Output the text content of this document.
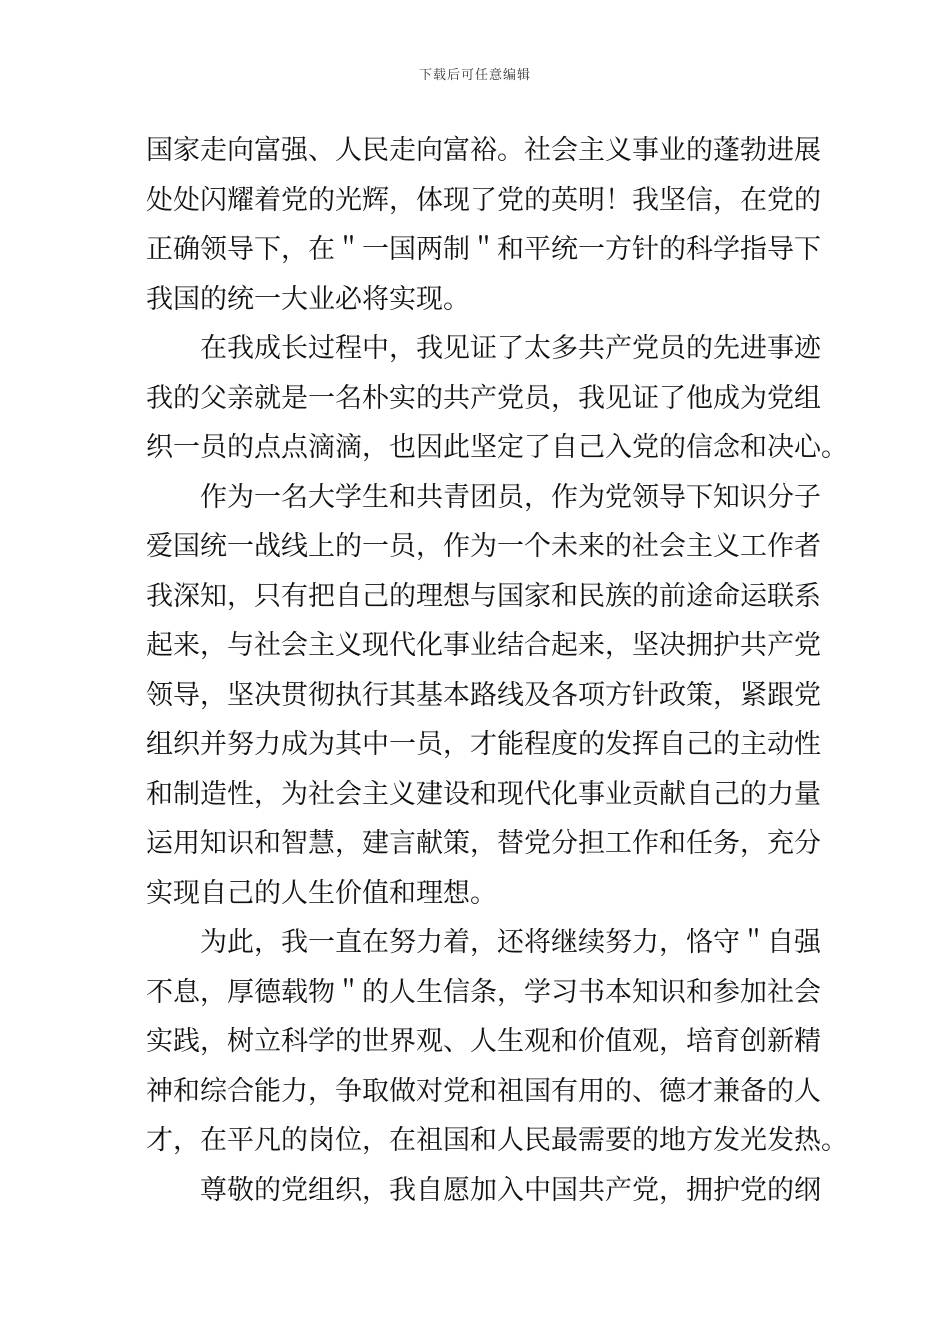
下载后可任意编辑
国家走向富强、人民走向富裕。社会主义事业的蓬勃进展
处处闪耀着党的光辉，体现了党的英明！我坚信，在党的
正确领导下，在＂一国两制＂和平统一方针的科学指导下
我国的统一大业必将实现。
在我成长过程中，我见证了太多共产党员的先进事迹
我的父亲就是一名朴实的共产党员，我见证了他成为党组
织一员的点点滴滴，也因此坚定了自己入党的信念和决心。
作为一名大学生和共青团员，作为党领导下知识分子
爱国统一战线上的一员，作为一个未来的社会主义工作者
我深知，只有把自己的理想与国家和民族的前途命运联系
起来，与社会主义现代化事业结合起来，坚决拥护共产党
领导，坚决贯彻执行其基本路线及各项方针政策，紧跟党
组织并努力成为其中一员，才能程度的发挥自己的主动性
和制造性，为社会主义建设和现代化事业贡献自己的力量
运用知识和智慧，建言献策，替党分担工作和任务，充分
实现自己的人生价值和理想。
为此，我一直在努力着，还将继续努力，恪守＂自强
不息，厚德载物＂的人生信条，学习书本知识和参加社会
实践，树立科学的世界观、人生观和价值观，培育创新精
神和综合能力，争取做对党和祖国有用的、德才兼备的人
才，在平凡的岗位，在祖国和人民最需要的地方发光发热。
尊敬的党组织，我自愿加入中国共产党，拥护党的纲
